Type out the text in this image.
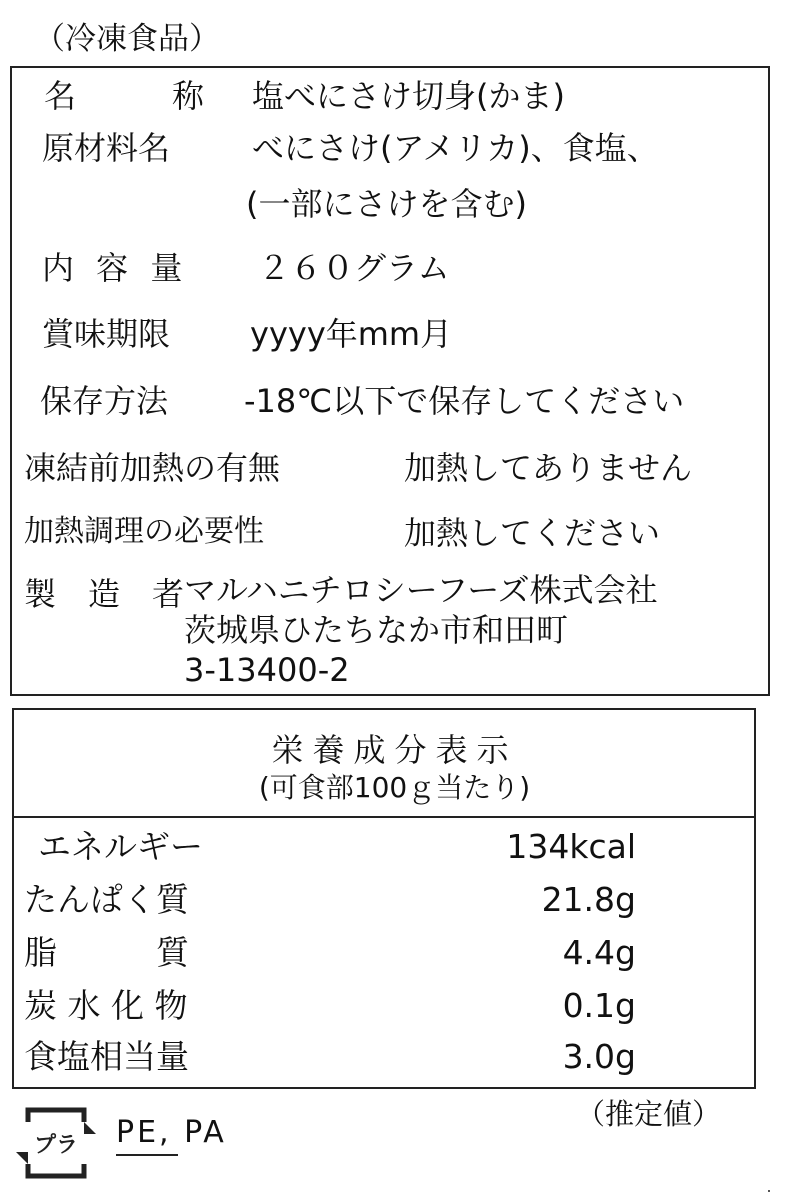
（冷凍食品）
名　　　称 塩べにさけ切身(かま)
原材料名	べにさけ(アメリカ)、食塩、
(一部にさけを含む)
内 容 量 ２６０グラム
賞味期限 yyyy年mm月
保存方法 -18℃以下で保存してください
凍結前加熱の有無	加熱してありません
加熱調理の必要性	加熱してください
製　造　者 マルハニチロシーフーズ株式会社
茨城県ひたちなか市和田町
3-13400-2
栄養成分表示
(可食部100ｇ当たり)
エネルギー	134kcal
たんぱく質	21.8g
脂　　　質	4.4g
炭 水 化 物	0.1g
食塩相当量	3.0g
プラ PE, PA
（推定値）
